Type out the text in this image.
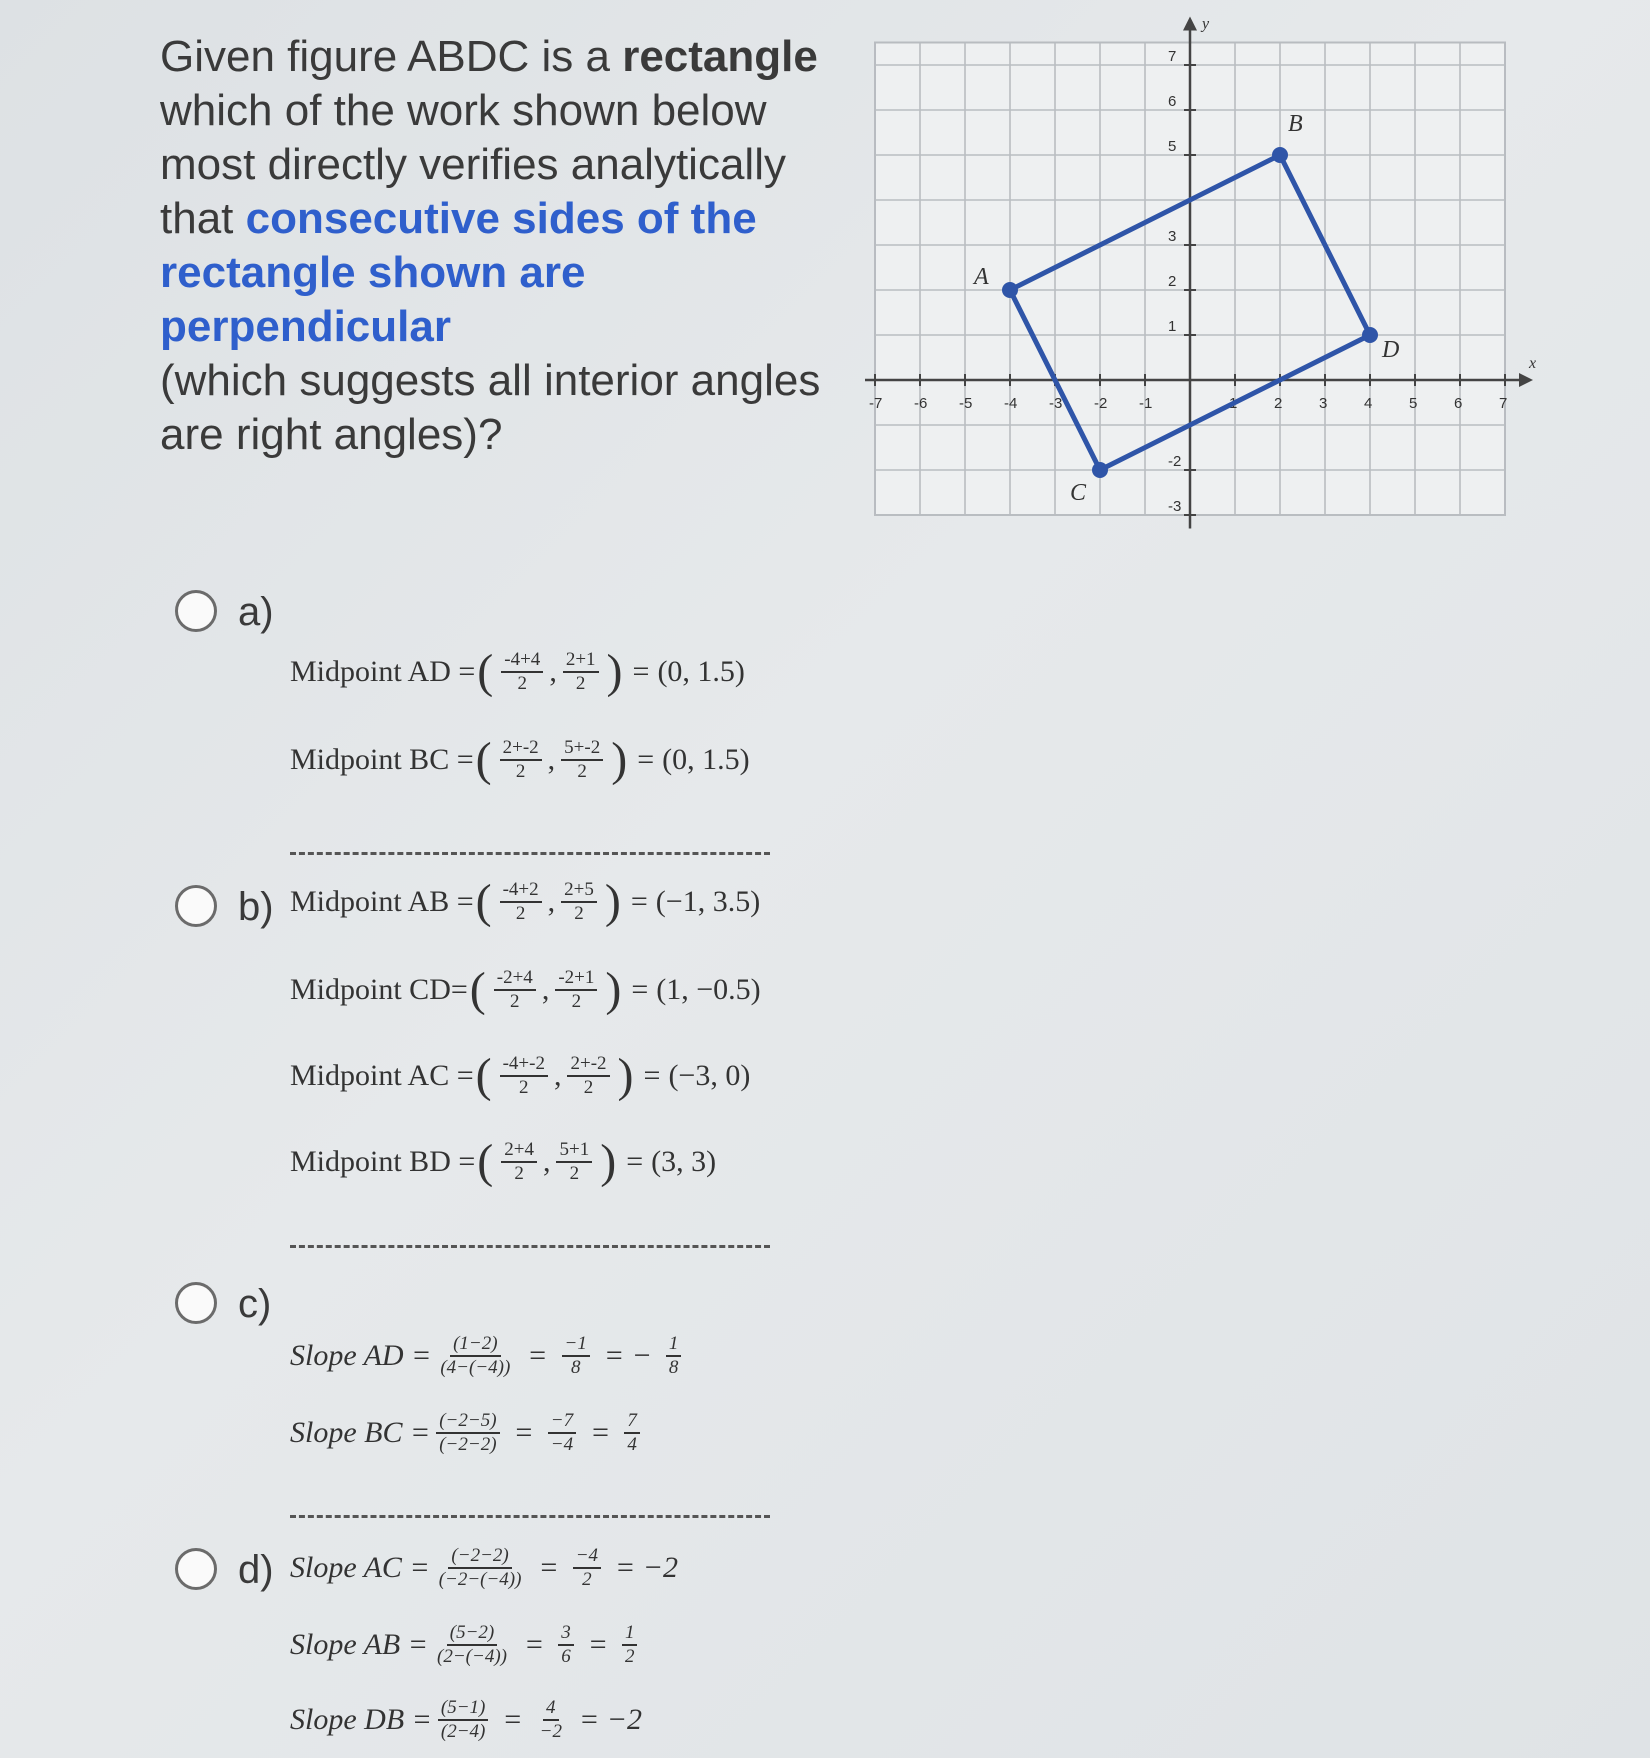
Given figure ABDC is a rectangle
which of the work shown below
most directly verifies analytically
that consecutive sides of the
rectangle shown are perpendicular
(which suggests all interior angles
are right angles)?
x
y
-7 -6 -5 -4 -3 -2 -1	1 2 3 4 5 6 7
7
6
5
3
2
1
-2
-3
A
B
D
C
a)
b)
c)
d)
Midpoint AD = ( $\frac{-4+4}{2}$ , $\frac{2+1}{2}$ ) = (0, 1.5)
Midpoint BC = ( $\frac{2+-2}{2}$ , $\frac{5+-2}{2}$ ) = (0, 1.5)
Midpoint AB = ( $\frac{-4+2}{2}$ , $\frac{2+5}{2}$ ) = (−1, 3.5)
Midpoint CD= ( $\frac{-2+4}{2}$ , $\frac{-2+1}{2}$ ) = (1, −0.5)
Midpoint AC = ( $\frac{-4+-2}{2}$ , $\frac{2+-2}{2}$ ) = (−3, 0)
Midpoint BD = ( $\frac{2+4}{2}$ , $\frac{5+1}{2}$ ) = (3, 3)
Slope AD = $\frac{(1-2)}{(4-(-4))} = \frac{-1}{8}$ = − $\frac{1}{8}$
Slope BC = $\frac{(-2-5)}{(-2-2)} = \frac{-7}{-4} = \frac{7}{4}$
Slope AC = $\frac{(-2-2)}{(-2-(-4))} = \frac{-4}{2} = -2$
Slope AB = $\frac{(5-2)}{(2-(-4))} = \frac{3}{6} = \frac{1}{2}$
Slope DB = $\frac{(5-1)}{(2-4)} = \frac{4}{-2} = -2$
